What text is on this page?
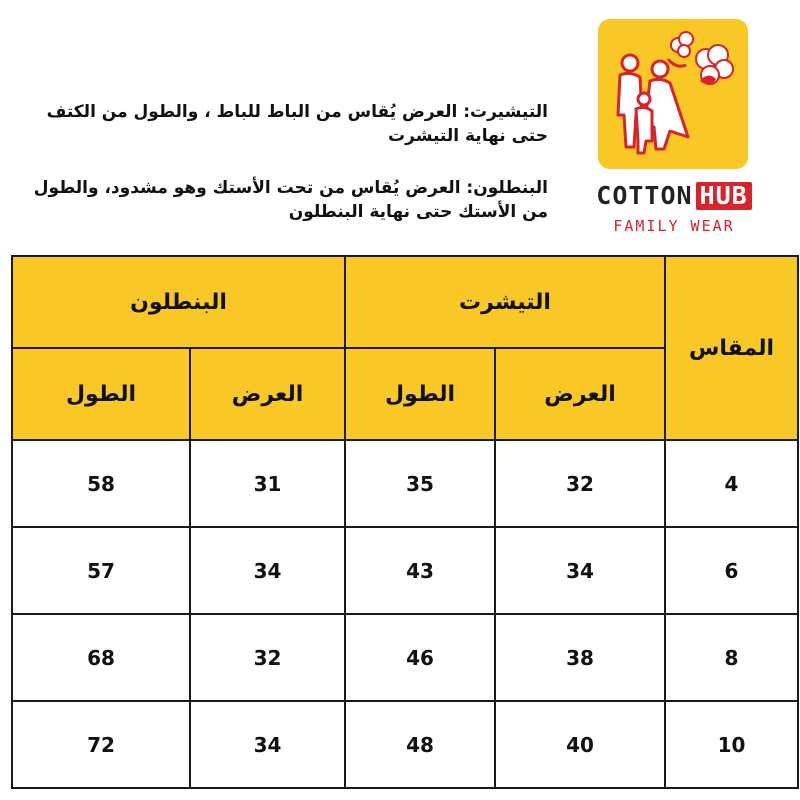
التيشيرت: العرض يُقاس من الباط للباط ، والطول من الكتف
حتى نهاية التيشرت
البنطلون: العرض يُقاس من تحت الأستك وهو مشدود، والطول
من الأستك حتى نهاية البنطلون
COTTON HUB
FAMILY WEAR
البنطلون		التيشرت		المقاس
الطول	العرض	الطول	العرض	
58	31	35	32	4
57	34	43	34	6
68	32	46	38	8
72	34	48	40	10
